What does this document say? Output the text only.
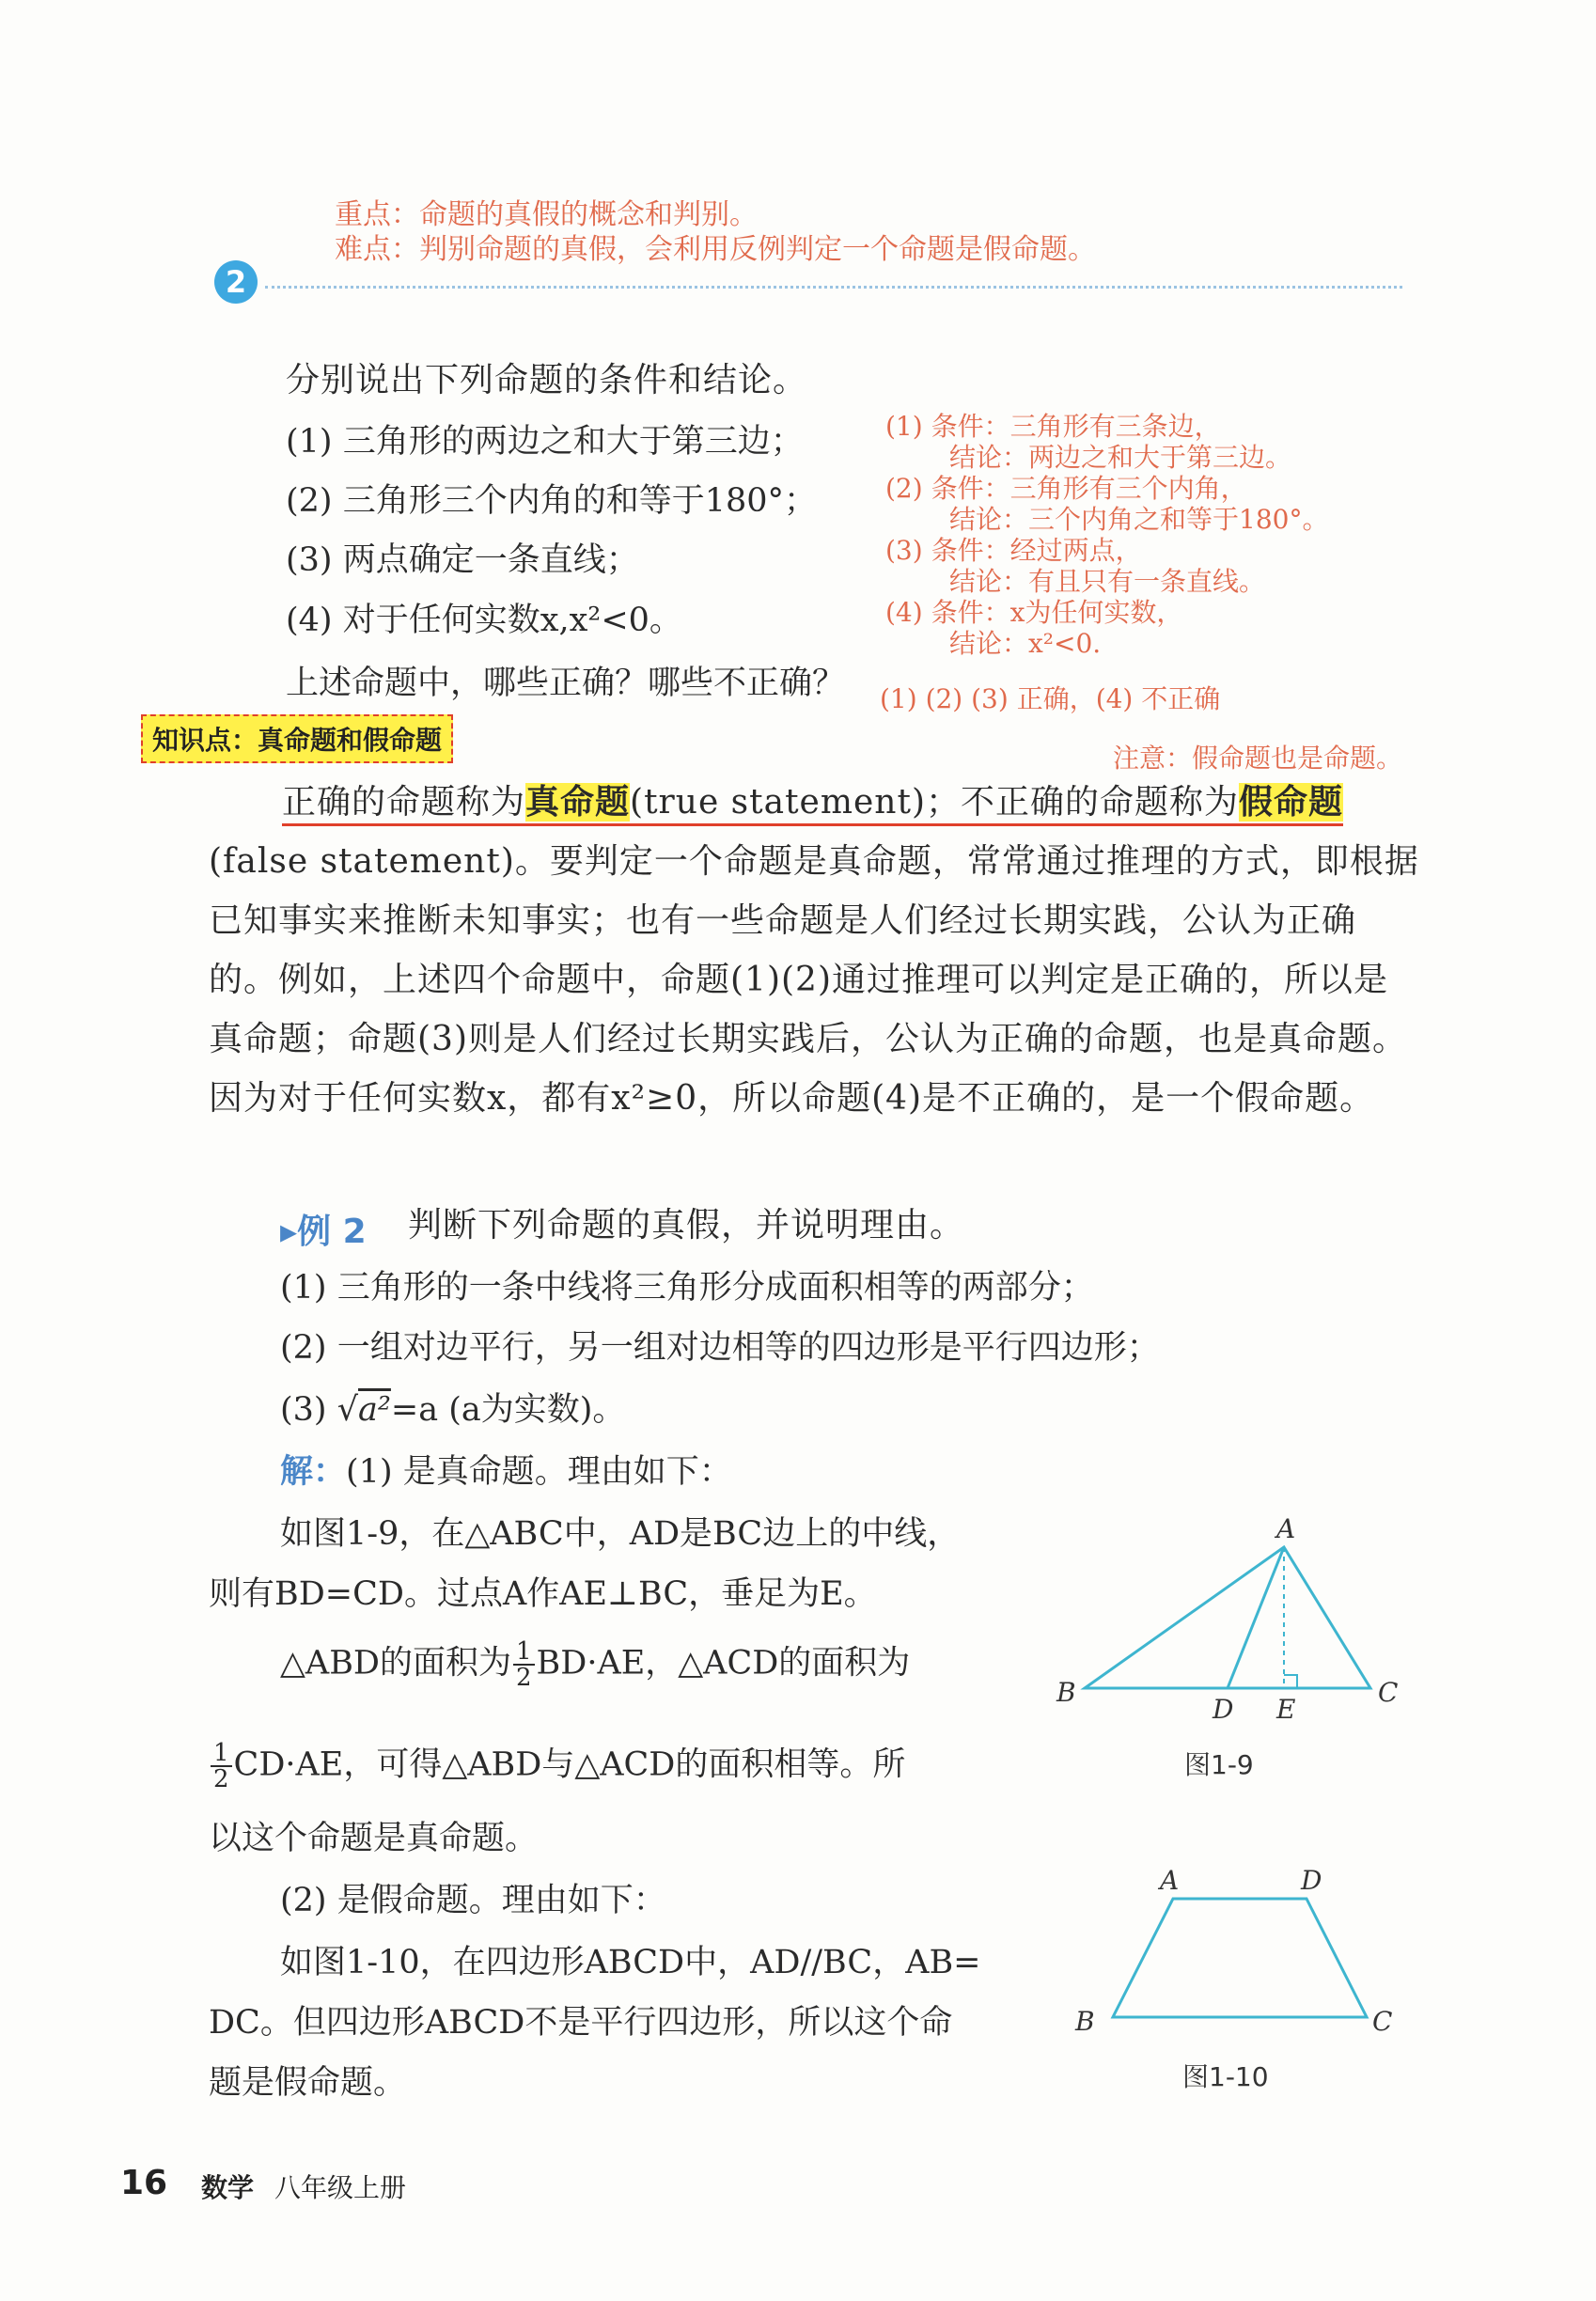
重点：命题的真假的概念和判别。
难点：判别命题的真假，会利用反例判定一个命题是假命题。
2
分别说出下列命题的条件和结论。
(1) 三角形的两边之和大于第三边；
(2) 三角形三个内角的和等于180°；
(3) 两点确定一条直线；
(4) 对于任何实数x,x²<0。
上述命题中，哪些正确？哪些不正确？
(1) 条件：三角形有三条边，
结论：两边之和大于第三边。
(2) 条件：三角形有三个内角，
结论：三个内角之和等于180°。
(3) 条件：经过两点，
结论：有且只有一条直线。
(4) 条件：x为任何实数，
结论：x²<0.
(1) (2) (3) 正确，(4) 不正确
知识点：真命题和假命题
注意：假命题也是命题。
正确的命题称为真命题(true statement)；不正确的命题称为假命题
(false statement)。要判定一个命题是真命题，常常通过推理的方式，即根据
已知事实来推断未知事实；也有一些命题是人们经过长期实践，公认为正确
的。例如，上述四个命题中，命题(1)(2)通过推理可以判定是正确的，所以是
真命题；命题(3)则是人们经过长期实践后，公认为正确的命题，也是真命题。
因为对于任何实数x，都有x²≥0，所以命题(4)是不正确的，是一个假命题。
▸例 2 判断下列命题的真假，并说明理由。
(1) 三角形的一条中线将三角形分成面积相等的两部分；
(2) 一组对边平行，另一组对边相等的四边形是平行四边形；
(3) √a²=a (a为实数)。
解：(1) 是真命题。理由如下：
如图1-9，在△ABC中，AD是BC边上的中线，
则有BD=CD。过点A作AE⊥BC，垂足为E。
△ABD的面积为 $\frac{1}{2} BD\cdot AE$，△ACD的面积为
$\frac{1}{2} CD\cdot AE$，可得△ABD与△ACD的面积相等。所
以这个命题是真命题。
(2) 是假命题。理由如下：
如图1-10，在四边形ABCD中，AD//BC，AB=
DC。但四边形ABCD不是平行四边形，所以这个命
题是假命题。
A
B
D E
C
图1-9
A	D
B	C
图1-10
16 数学 八年级上册
